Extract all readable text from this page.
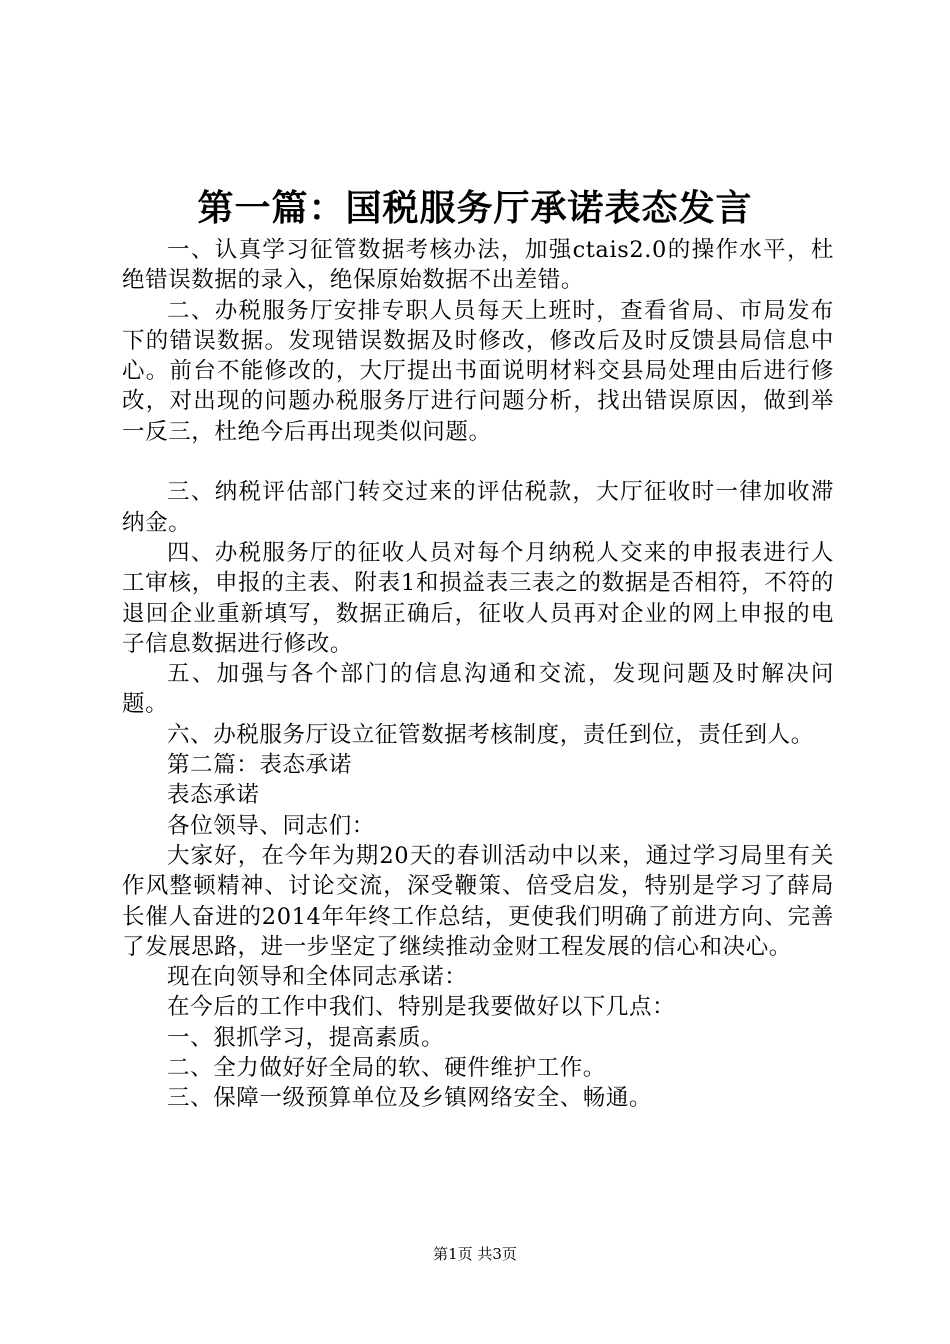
第一篇：国税服务厅承诺表态发言

一、认真学习征管数据考核办法，加强ctais2.0的操作水平，杜绝错误数据的录入，绝保原始数据不出差错。

二、办税服务厅安排专职人员每天上班时，查看省局、市局发布下的错误数据。发现错误数据及时修改，修改后及时反馈县局信息中心。前台不能修改的，大厅提出书面说明材料交县局处理由后进行修改，对出现的问题办税服务厅进行问题分析，找出错误原因，做到举一反三，杜绝今后再出现类似问题。

三、纳税评估部门转交过来的评估税款，大厅征收时一律加收滞纳金。

四、办税服务厅的征收人员对每个月纳税人交来的申报表进行人工审核，申报的主表、附表1和损益表三表之的数据是否相符，不符的退回企业重新填写，数据正确后，征收人员再对企业的网上申报的电子信息数据进行修改。

五、加强与各个部门的信息沟通和交流，发现问题及时解决问题。

六、办税服务厅设立征管数据考核制度，责任到位，责任到人。

第二篇：表态承诺

表态承诺

各位领导、同志们：

大家好，在今年为期20天的春训活动中以来，通过学习局里有关作风整顿精神、讨论交流，深受鞭策、倍受启发，特别是学习了薛局长催人奋进的2014年年终工作总结，更使我们明确了前进方向、完善了发展思路，进一步坚定了继续推动金财工程发展的信心和决心。

现在向领导和全体同志承诺：

在今后的工作中我们、特别是我要做好以下几点：

一、狠抓学习，提高素质。

二、全力做好好全局的软、硬件维护工作。

三、保障一级预算单位及乡镇网络安全、畅通。

第1页 共3页
